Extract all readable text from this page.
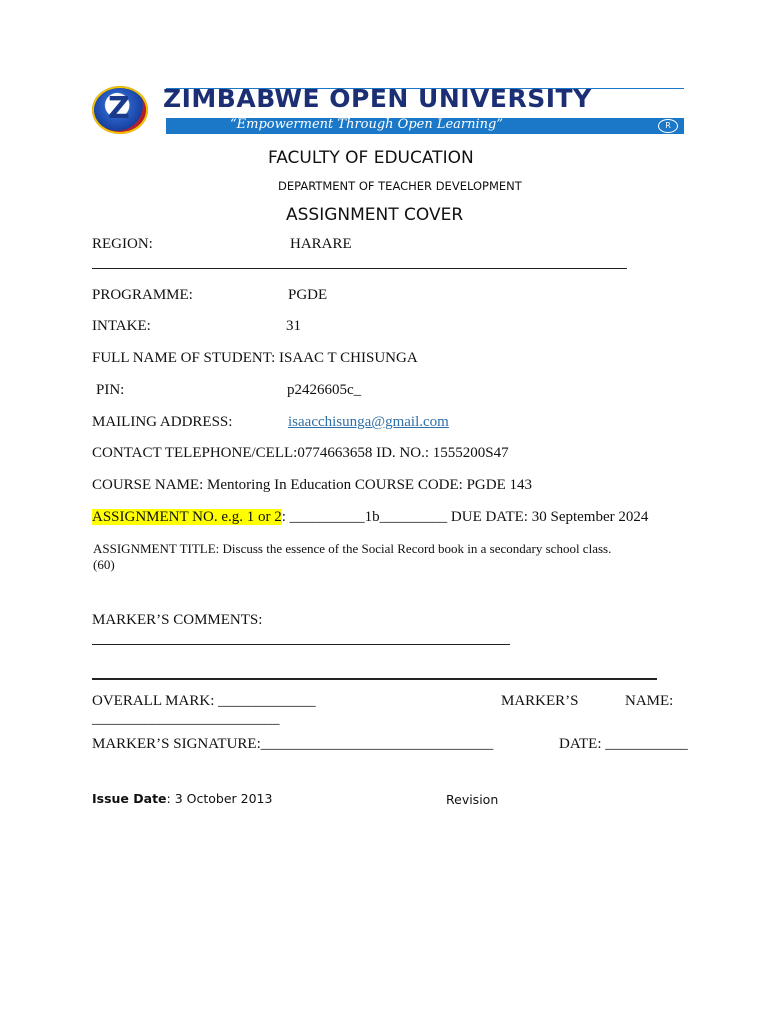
Z ZIMBABWE OPEN UNIVERSITY
“Empowerment Through Open Learning”	R
FACULTY OF EDUCATION
DEPARTMENT OF TEACHER DEVELOPMENT
ASSIGNMENT COVER
REGION:	HARARE
PROGRAMME:	PGDE
INTAKE:	31
FULL NAME OF STUDENT: ISAAC T CHISUNGA
PIN:	p2426605c_
MAILING ADDRESS:	isaacchisunga@gmail.com
CONTACT TELEPHONE/CELL:0774663658 ID. NO.: 1555200S47
COURSE NAME: Mentoring In Education COURSE CODE: PGDE 143
ASSIGNMENT NO. e.g. 1 or 2: __________1b_________ DUE DATE: 30 September 2024
ASSIGNMENT TITLE: Discuss the essence of the Social Record book in a secondary school class.
(60)
MARKER’S COMMENTS:
OVERALL MARK: _____________	MARKER’S	NAME:
_________________________
MARKER’S SIGNATURE:_______________________________	DATE: ___________
Issue Date: 3 October 2013	Revision
